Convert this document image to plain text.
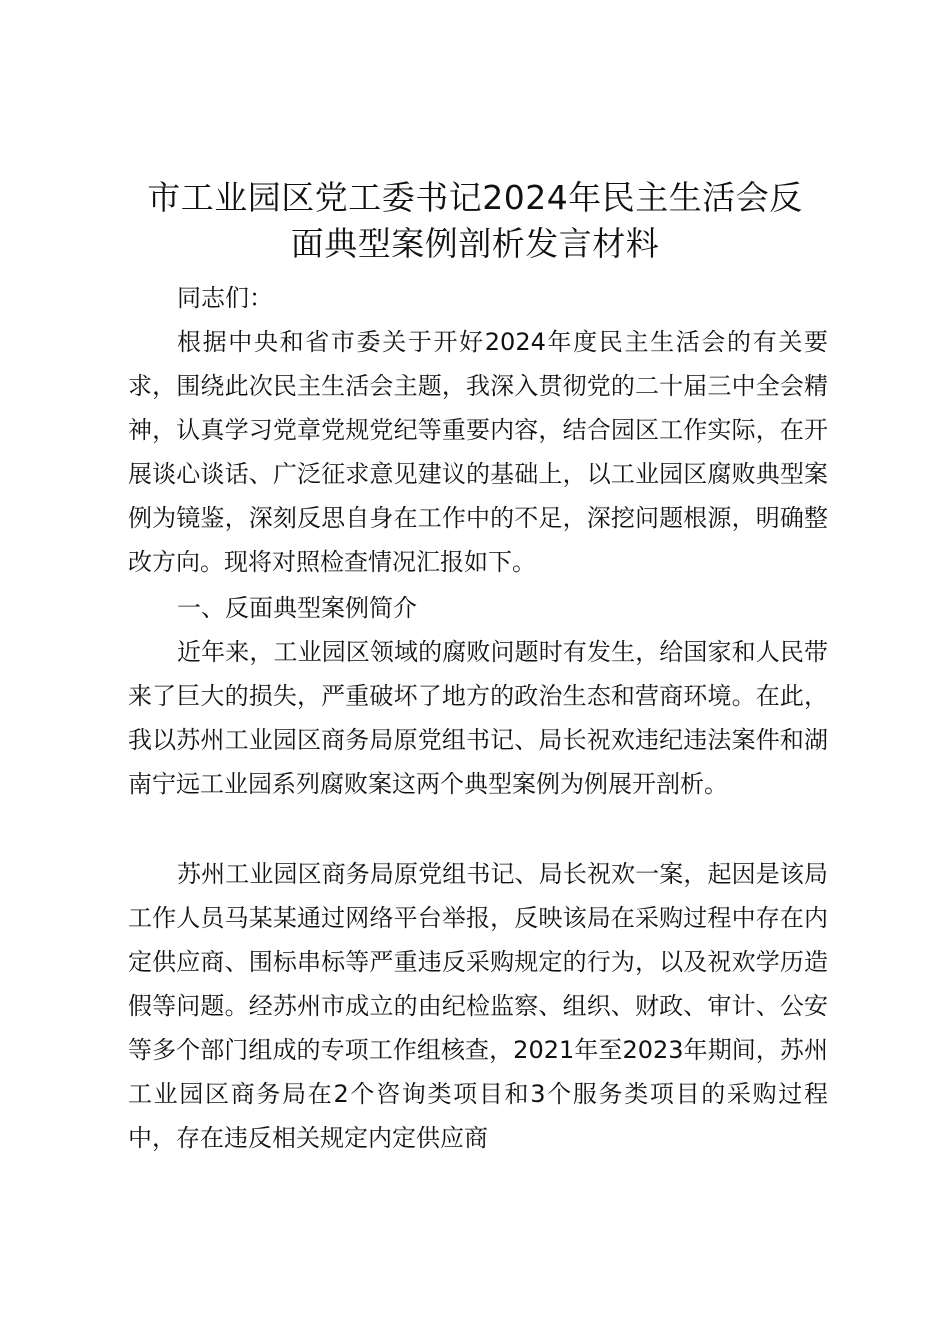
市工业园区党工委书记2024年民主生活会反
面典型案例剖析发言材料

同志们：

根据中央和省市委关于开好2024年度民主生活会的有关要求，围绕此次民主生活会主题，我深入贯彻党的二十届三中全会精神，认真学习党章党规党纪等重要内容，结合园区工作实际，在开展谈心谈话、广泛征求意见建议的基础上，以工业园区腐败典型案例为镜鉴，深刻反思自身在工作中的不足，深挖问题根源，明确整改方向。现将对照检查情况汇报如下。

一、反面典型案例简介

近年来，工业园区领域的腐败问题时有发生，给国家和人民带来了巨大的损失，严重破坏了地方的政治生态和营商环境。在此，我以苏州工业园区商务局原党组书记、局长祝欢违纪违法案件和湖南宁远工业园系列腐败案这两个典型案例为例展开剖析。

苏州工业园区商务局原党组书记、局长祝欢一案，起因是该局工作人员马某某通过网络平台举报，反映该局在采购过程中存在内定供应商、围标串标等严重违反采购规定的行为，以及祝欢学历造假等问题。经苏州市成立的由纪检监察、组织、财政、审计、公安等多个部门组成的专项工作组核查，2021年至2023年期间，苏州工业园区商务局在2个咨询类项目和3个服务类项目的采购过程中，存在违反相关规定内定供应商
